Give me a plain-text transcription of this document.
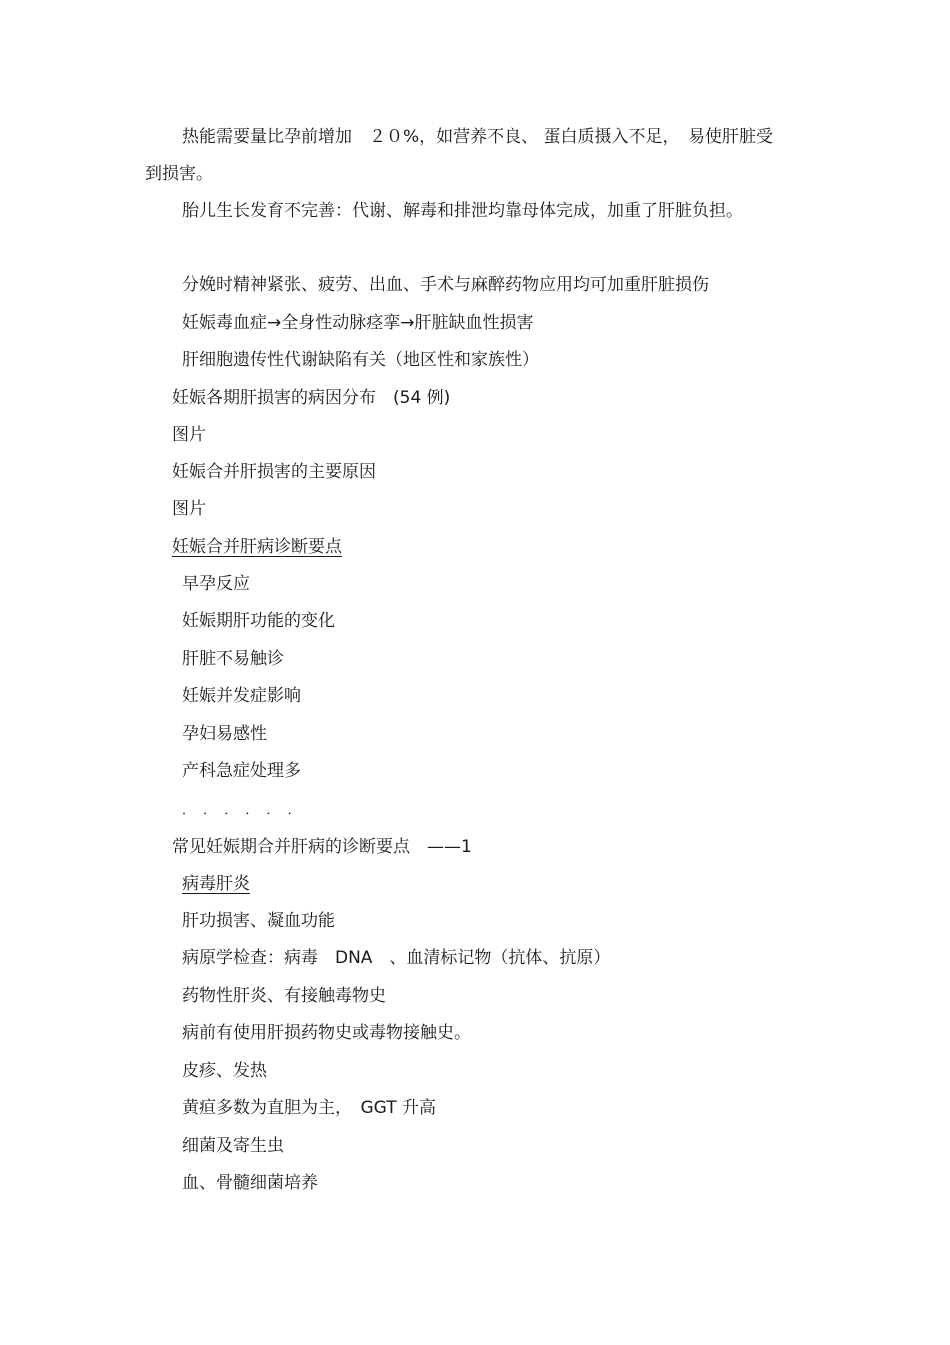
热能需要量比孕前增加　２０%，如营养不良、 蛋白质摄入不足，　易使肝脏受
到损害。
胎儿生长发育不完善：代谢、解毒和排泄均靠母体完成，加重了肝脏负担。
分娩时精神紧张、疲劳、出血、手术与麻醉药物应用均可加重肝脏损伤
妊娠毒血症→全身性动脉痉挛→肝脏缺血性损害
肝细胞遗传性代谢缺陷有关（地区性和家族性）
妊娠各期肝损害的病因分布　(54 例)
图片
妊娠合并肝损害的主要原因
图片
妊娠合并肝病诊断要点
早孕反应
妊娠期肝功能的变化
肝脏不易触诊
妊娠并发症影响
孕妇易感性
产科急症处理多
． ． ． ． ． ．
常见妊娠期合并肝病的诊断要点　——1
病毒肝炎
肝功损害、凝血功能
病原学检查：病毒　DNA　、血清标记物（抗体、抗原）
药物性肝炎、有接触毒物史
病前有使用肝损药物史或毒物接触史。
皮疹、发热
黄疸多数为直胆为主，　GGT 升高
细菌及寄生虫
血、骨髓细菌培养
